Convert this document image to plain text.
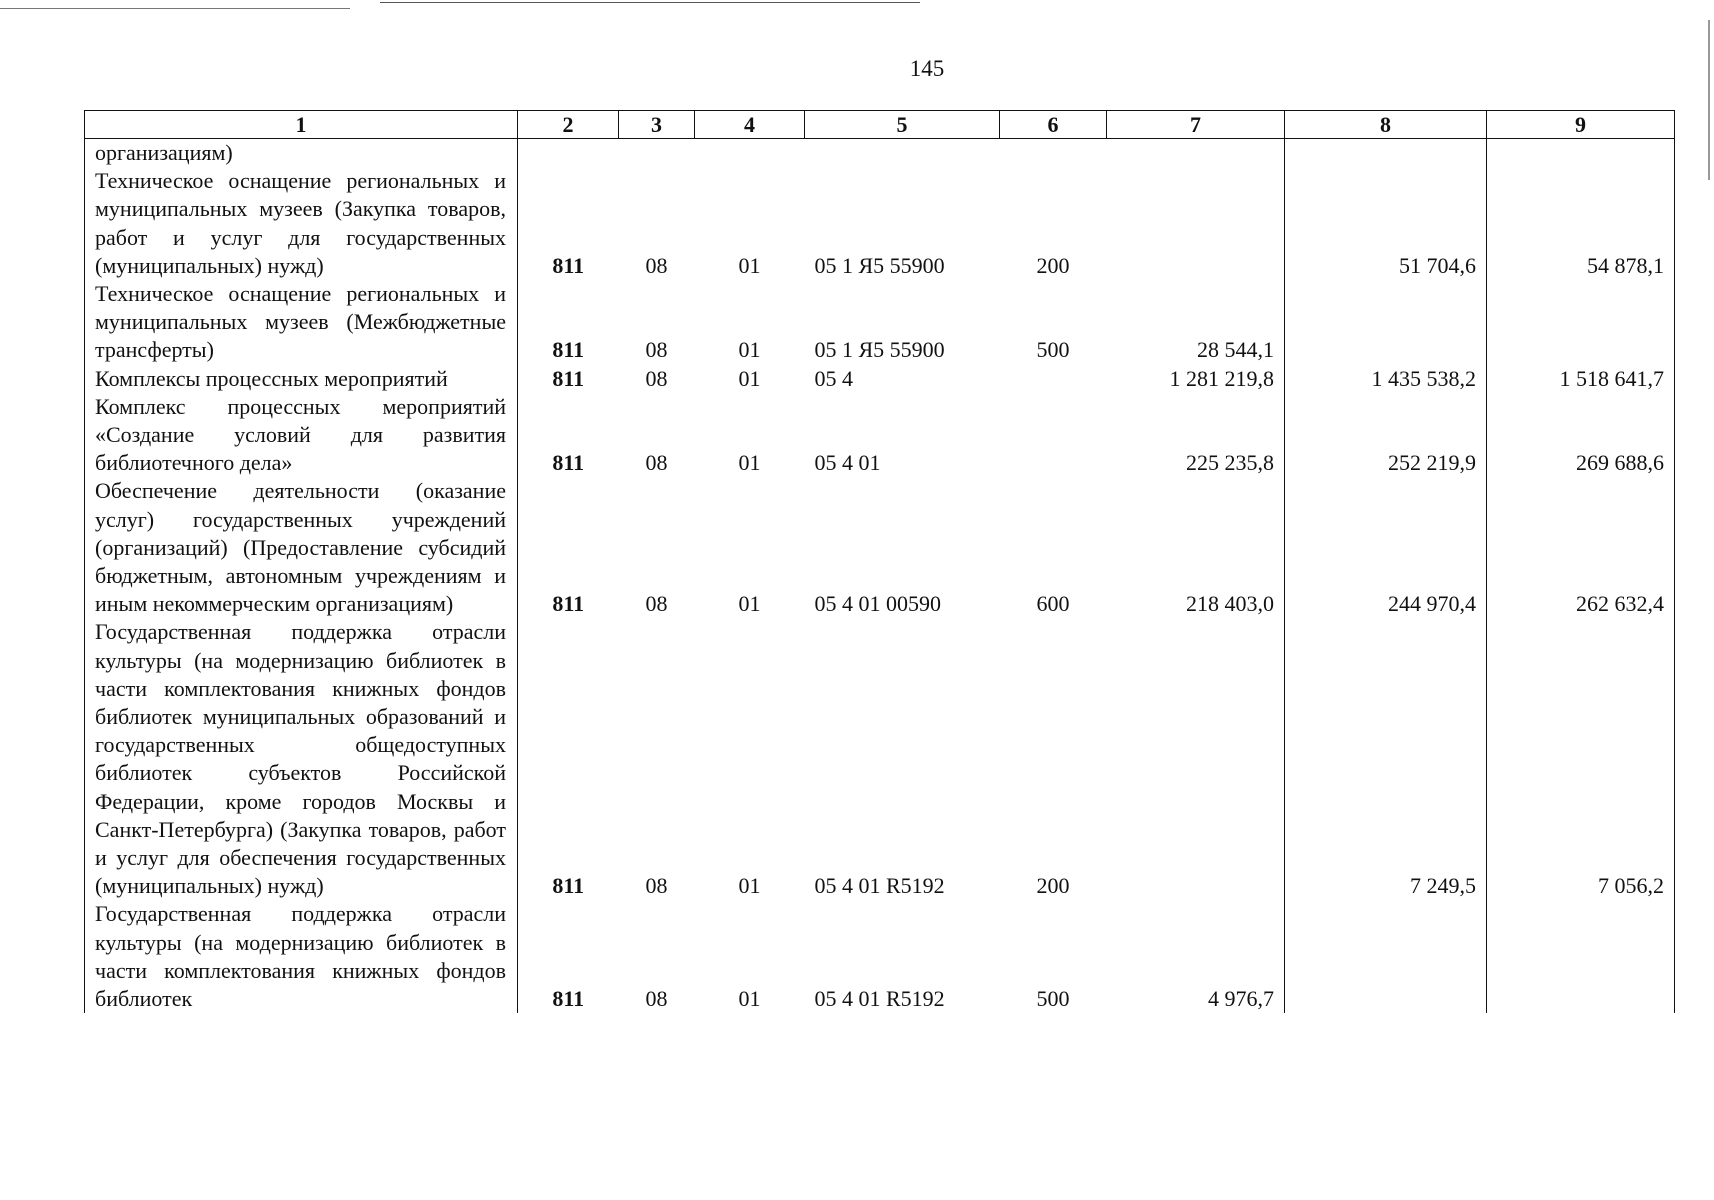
145
1	2	3	4	5	6	7	8	9

организациям)								

Техническое оснащение региональных и муниципальных музеев (Закупка товаров, работ и услуг для государственных (муниципальных) нужд)	811	08	01	05 1 Я5 55900	200		51 704,6	54 878,1

Техническое оснащение региональных и муниципальных музеев (Межбюджетные трансферты)	811	08	01	05 1 Я5 55900	500	28 544,1		

Комплексы процессных мероприятий	811	08	01	05 4		1 281 219,8	1 435 538,2	1 518 641,7

Комплекс процессных мероприятий «Создание условий для развития библиотечного дела»	811	08	01	05 4 01		225 235,8	252 219,9	269 688,6

Обеспечение деятельности (оказание услуг) государственных учреждений (организаций) (Предоставление субсидий бюджетным, автономным учреждениям и иным некоммерческим организациям)	811	08	01	05 4 01 00590	600	218 403,0	244 970,4	262 632,4

Государственная поддержка отрасли культуры (на модернизацию библиотек в части комплектования книжных фондов библиотек муниципальных образований и государственных общедоступных библиотек субъектов Российской Федерации, кроме городов Москвы и Санкт-Петербурга) (Закупка товаров, работ и услуг для обеспечения государственных (муниципальных) нужд)	811	08	01	05 4 01 R5192	200		7 249,5	7 056,2

Государственная поддержка отрасли культуры (на модернизацию библиотек в части комплектования книжных фондов библиотек	811	08	01	05 4 01 R5192	500	4 976,7		
